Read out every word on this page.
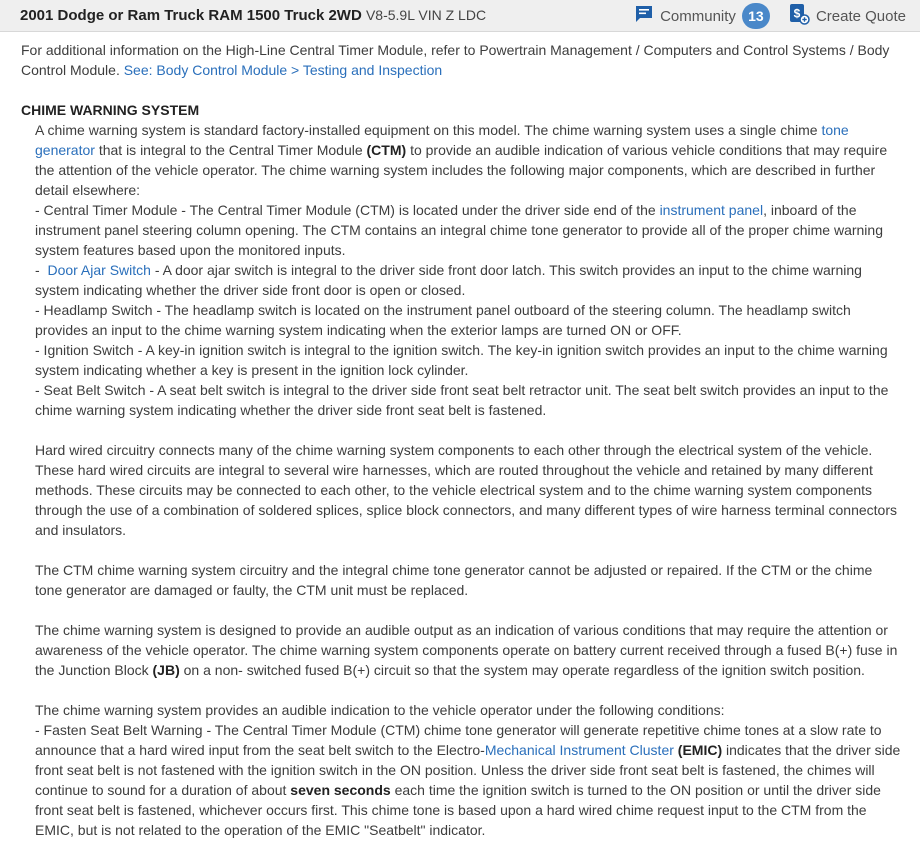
2001 Dodge or Ram Truck RAM 1500 Truck 2WD V8-5.9L VIN Z LDC	Community 13	$ Create Quote

For additional information on the High-Line Central Timer Module, refer to Powertrain Management / Computers and Control Systems / Body Control Module. See: Body Control Module > Testing and Inspection

CHIME WARNING SYSTEM

A chime warning system is standard factory-installed equipment on this model. The chime warning system uses a single chime tone generator that is integral to the Central Timer Module (CTM) to provide an audible indication of various vehicle conditions that may require the attention of the vehicle operator. The chime warning system includes the following major components, which are described in further detail elsewhere:

- Central Timer Module - The Central Timer Module (CTM) is located under the driver side end of the instrument panel, inboard of the instrument panel steering column opening. The CTM contains an integral chime tone generator to provide all of the proper chime warning system features based upon the monitored inputs.

- Door Ajar Switch - A door ajar switch is integral to the driver side front door latch. This switch provides an input to the chime warning system indicating whether the driver side front door is open or closed.

- Headlamp Switch - The headlamp switch is located on the instrument panel outboard of the steering column. The headlamp switch provides an input to the chime warning system indicating when the exterior lamps are turned ON or OFF.

- Ignition Switch - A key-in ignition switch is integral to the ignition switch. The key-in ignition switch provides an input to the chime warning system indicating whether a key is present in the ignition lock cylinder.

- Seat Belt Switch - A seat belt switch is integral to the driver side front seat belt retractor unit. The seat belt switch provides an input to the chime warning system indicating whether the driver side front seat belt is fastened.

Hard wired circuitry connects many of the chime warning system components to each other through the electrical system of the vehicle. These hard wired circuits are integral to several wire harnesses, which are routed throughout the vehicle and retained by many different methods. These circuits may be connected to each other, to the vehicle electrical system and to the chime warning system components through the use of a combination of soldered splices, splice block connectors, and many different types of wire harness terminal connectors and insulators.

The CTM chime warning system circuitry and the integral chime tone generator cannot be adjusted or repaired. If the CTM or the chime tone generator are damaged or faulty, the CTM unit must be replaced.

The chime warning system is designed to provide an audible output as an indication of various conditions that may require the attention or awareness of the vehicle operator. The chime warning system components operate on battery current received through a fused B(+) fuse in the Junction Block (JB) on a non- switched fused B(+) circuit so that the system may operate regardless of the ignition switch position.

The chime warning system provides an audible indication to the vehicle operator under the following conditions:

- Fasten Seat Belt Warning - The Central Timer Module (CTM) chime tone generator will generate repetitive chime tones at a slow rate to announce that a hard wired input from the seat belt switch to the Electro-Mechanical Instrument Cluster (EMIC) indicates that the driver side front seat belt is not fastened with the ignition switch in the ON position. Unless the driver side front seat belt is fastened, the chimes will continue to sound for a duration of about seven seconds each time the ignition switch is turned to the ON position or until the driver side front seat belt is fastened, whichever occurs first. This chime tone is based upon a hard wired chime request input to the CTM from the EMIC, but is not related to the operation of the EMIC "Seatbelt" indicator.
